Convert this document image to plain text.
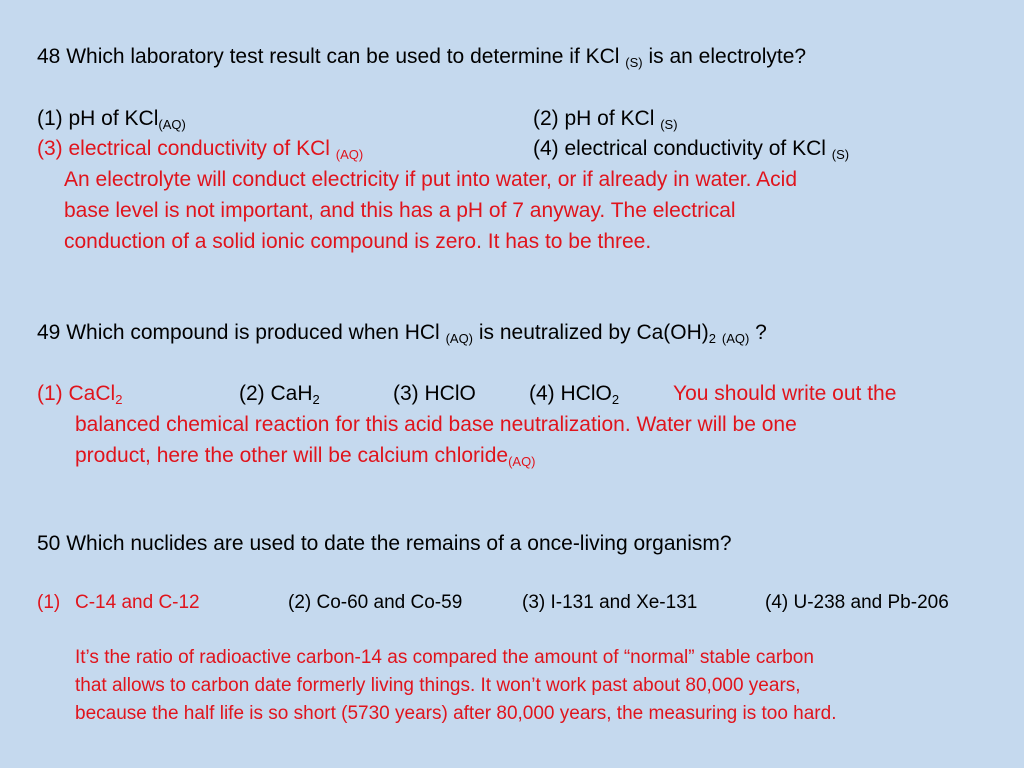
48 Which laboratory test result can be used to determine if KCl $_{(S)}$ is an electrolyte?
(1) pH of KCl$_{(AQ)}$	(2) pH of KCl $_{(S)}$
(3) electrical conductivity of KCl $_{(AQ)}$	(4) electrical conductivity of KCl $_{(S)}$
An electrolyte will conduct electricity if put into water, or if already in water. Acid
base level is not important, and this has a pH of 7 anyway. The electrical
conduction of a solid ionic compound is zero. It has to be three.
49 Which compound is produced when HCl $_{(AQ)}$ is neutralized by $Ca(OH)_2$ $_{(AQ)}$ ?
(1) CaCl$_2$	(2) CaH$_2$	(3) HClO	(4) HClO$_2$	You should write out the
balanced chemical reaction for this acid base neutralization. Water will be one
product, here the other will be calcium chloride$_{(AQ)}$
50 Which nuclides are used to date the remains of a once-living organism?
(1) C-14 and C-12	(2) Co-60 and Co-59	(3) I-131 and Xe-131	(4) U-238 and Pb-206
It’s the ratio of radioactive carbon-14 as compared the amount of “normal” stable carbon
that allows to carbon date formerly living things. It won’t work past about 80,000 years,
because the half life is so short (5730 years) after 80,000 years, the measuring is too hard.
